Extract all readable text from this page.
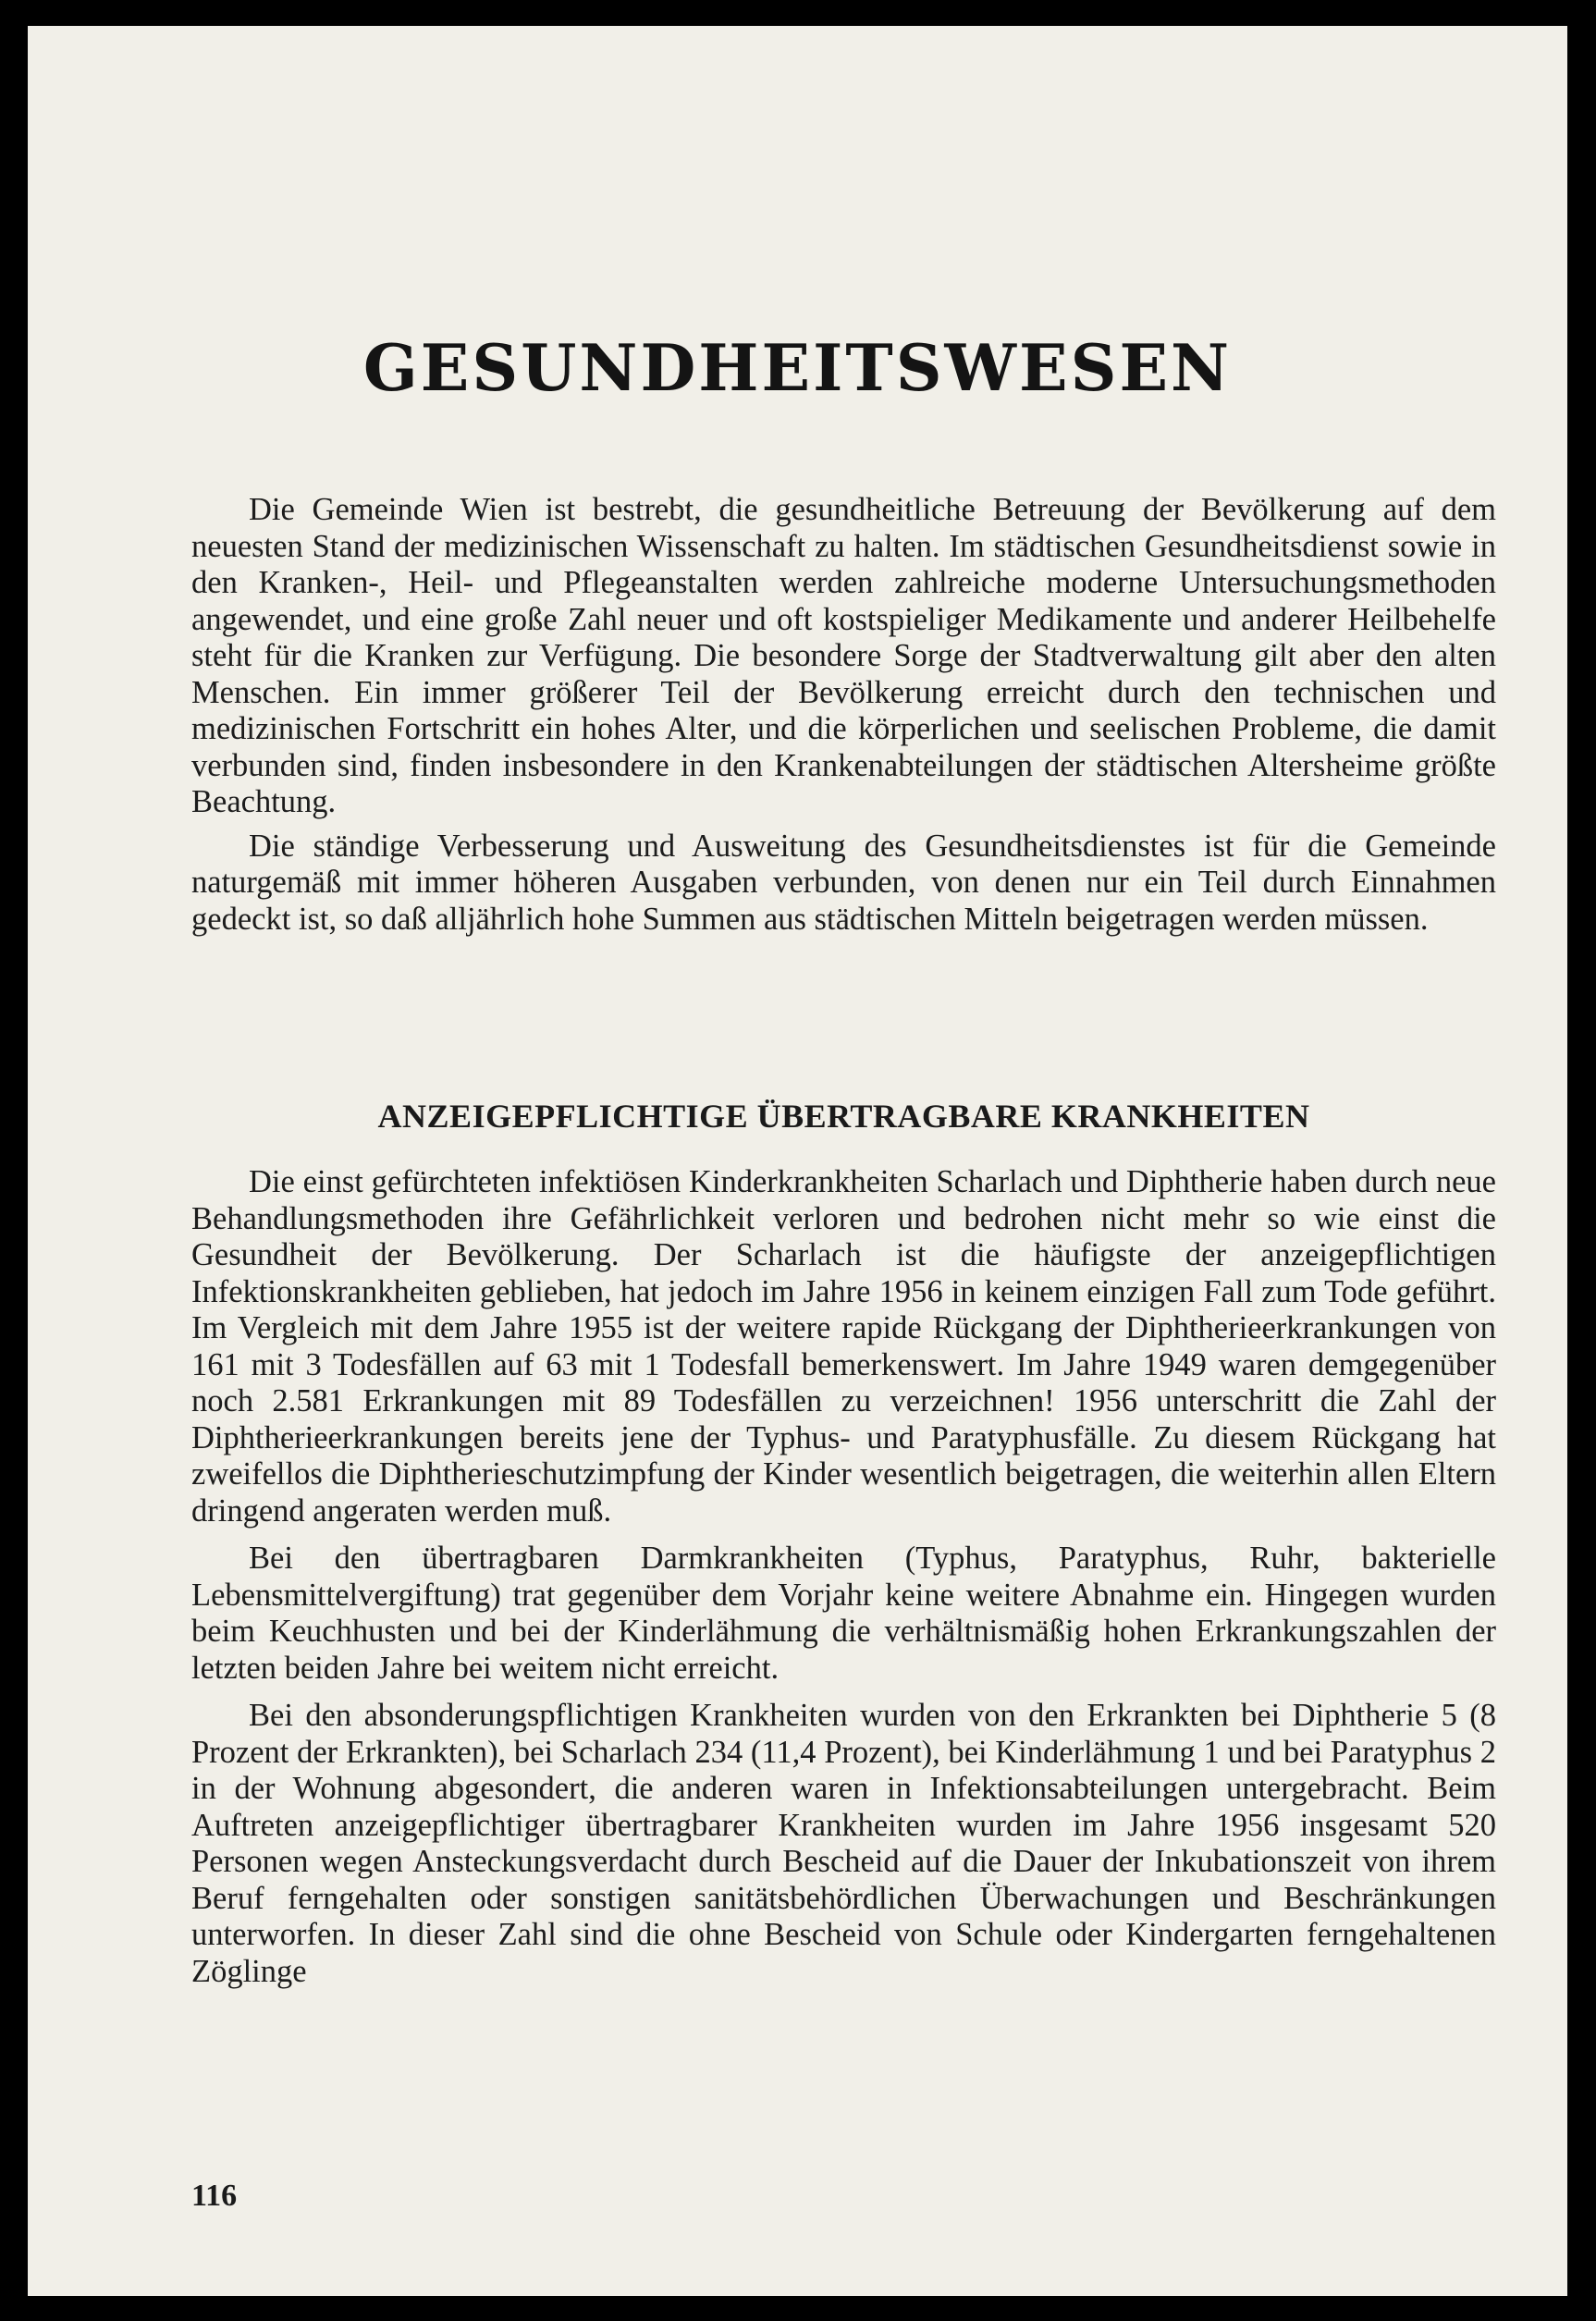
GESUNDHEITSWESEN

Die Gemeinde Wien ist bestrebt, die gesundheitliche Betreuung der Bevölkerung auf dem neuesten Stand der medizinischen Wissenschaft zu halten. Im städtischen Gesundheitsdienst sowie in den Kranken-, Heil- und Pflegeanstalten werden zahlreiche moderne Untersuchungsmethoden angewendet, und eine große Zahl neuer und oft kostspieliger Medikamente und anderer Heilbehelfe steht für die Kranken zur Verfügung. Die besondere Sorge der Stadtverwaltung gilt aber den alten Menschen. Ein immer größerer Teil der Bevölkerung erreicht durch den technischen und medizinischen Fortschritt ein hohes Alter, und die körperlichen und seelischen Probleme, die damit verbunden sind, finden insbesondere in den Krankenabteilungen der städtischen Altersheime größte Beachtung.

Die ständige Verbesserung und Ausweitung des Gesundheitsdienstes ist für die Gemeinde naturgemäß mit immer höheren Ausgaben verbunden, von denen nur ein Teil durch Einnahmen gedeckt ist, so daß alljährlich hohe Summen aus städtischen Mitteln beigetragen werden müssen.

ANZEIGEPFLICHTIGE ÜBERTRAGBARE KRANKHEITEN

Die einst gefürchteten infektiösen Kinderkrankheiten Scharlach und Diphtherie haben durch neue Behandlungsmethoden ihre Gefährlichkeit verloren und bedrohen nicht mehr so wie einst die Gesundheit der Bevölkerung. Der Scharlach ist die häufigste der anzeigepflichtigen Infektionskrankheiten geblieben, hat jedoch im Jahre 1956 in keinem einzigen Fall zum Tode geführt. Im Vergleich mit dem Jahre 1955 ist der weitere rapide Rückgang der Diphtherieerkrankungen von 161 mit 3 Todesfällen auf 63 mit 1 Todesfall bemerkenswert. Im Jahre 1949 waren demgegenüber noch 2.581 Erkrankungen mit 89 Todesfällen zu verzeichnen! 1956 unterschritt die Zahl der Diphtherieerkrankungen bereits jene der Typhus- und Paratyphusfälle. Zu diesem Rückgang hat zweifellos die Diphtherieschutzimpfung der Kinder wesentlich beigetragen, die weiterhin allen Eltern dringend angeraten werden muß.

Bei den übertragbaren Darmkrankheiten (Typhus, Paratyphus, Ruhr, bakterielle Lebensmittelvergiftung) trat gegenüber dem Vorjahr keine weitere Abnahme ein. Hingegen wurden beim Keuchhusten und bei der Kinderlähmung die verhältnismäßig hohen Erkrankungszahlen der letzten beiden Jahre bei weitem nicht erreicht.

Bei den absonderungspflichtigen Krankheiten wurden von den Erkrankten bei Diphtherie 5 (8 Prozent der Erkrankten), bei Scharlach 234 (11,4 Prozent), bei Kinderlähmung 1 und bei Paratyphus 2 in der Wohnung abgesondert, die anderen waren in Infektionsabteilungen untergebracht. Beim Auftreten anzeigepflichtiger übertragbarer Krankheiten wurden im Jahre 1956 insgesamt 520 Personen wegen Ansteckungsverdacht durch Bescheid auf die Dauer der Inkubationszeit von ihrem Beruf ferngehalten oder sonstigen sanitätsbehördlichen Überwachungen und Beschränkungen unterworfen. In dieser Zahl sind die ohne Bescheid von Schule oder Kindergarten ferngehaltenen Zöglinge

116
